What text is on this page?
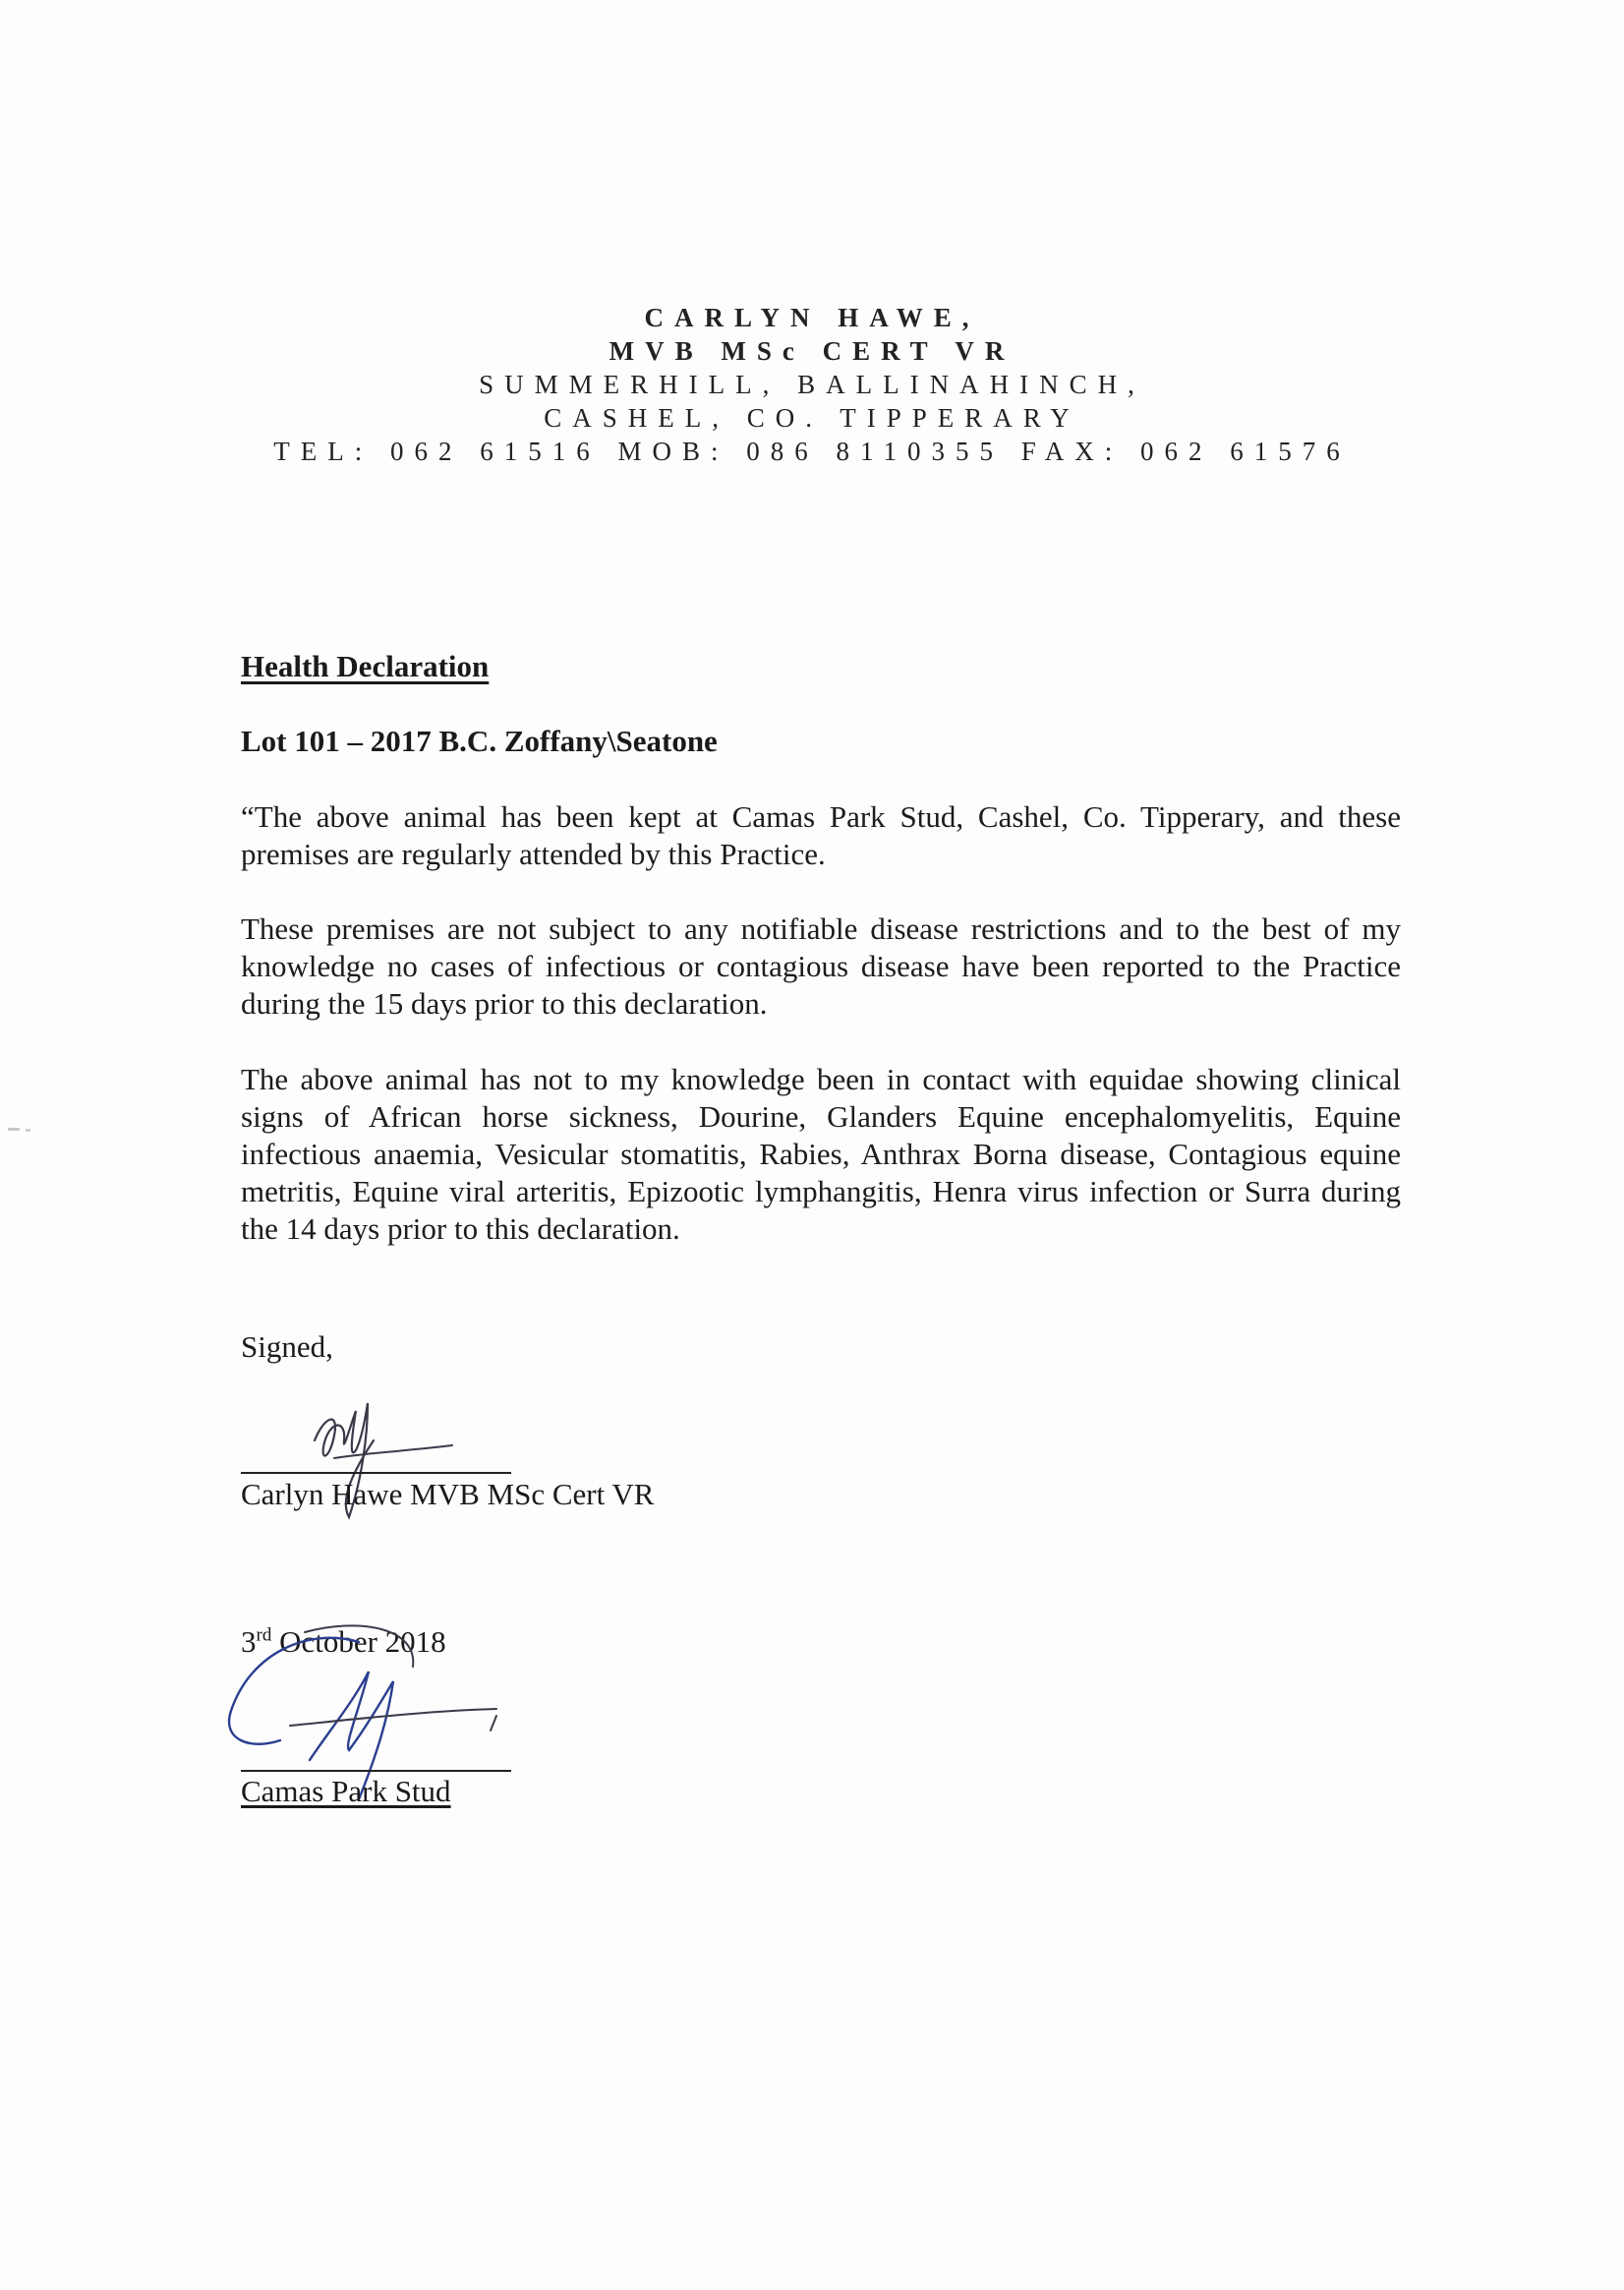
CARLYN HAWE,
MVB MSc CERT VR
SUMMERHILL, BALLINAHINCH,
CASHEL, CO. TIPPERARY
TEL: 062 61516 MOB: 086 8110355 FAX: 062 61576
Health Declaration
Lot 101 – 2017 B.C. Zoffany\Seatone
“The above animal has been kept at Camas Park Stud, Cashel, Co. Tipperary, and these premises are regularly attended by this Practice.
These premises are not subject to any notifiable disease restrictions and to the best of my knowledge no cases of infectious or contagious disease have been reported to the Practice during the 15 days prior to this declaration.
The above animal has not to my knowledge been in contact with equidae showing clinical signs of African horse sickness, Dourine, Glanders Equine encephalomyelitis, Equine infectious anaemia, Vesicular stomatitis, Rabies, Anthrax Borna disease, Contagious equine metritis, Equine viral arteritis, Epizootic lymphangitis, Henra virus infection or Surra during the 14 days prior to this declaration.
Signed,
Carlyn Hawe MVB MSc Cert VR
3rd October 2018
Camas Park Stud
